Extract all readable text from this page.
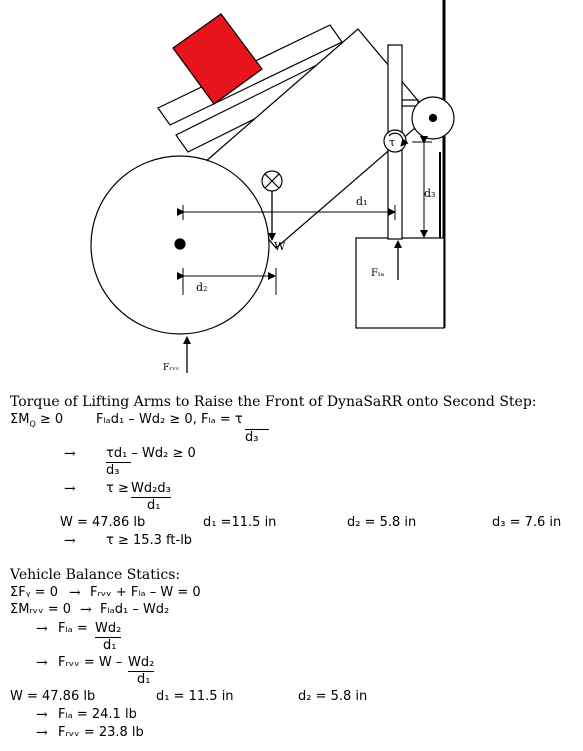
d₁
d₂
d₃
W
Fₗₐ
Fᵣᵥᵥ
τ
Torque of Lifting Arms to Raise the Front of DynaSaRR onto Second Step:
$\Sigma M_Q \ge 0$	Fₗₐd₁ – Wd₂ ≥ 0, Fₗₐ = τ
d₃
→ τd₁ – Wd₂ ≥ 0
d₃
→ τ ≥ Wd₂d₃
d₁
W = 47.86 lb	d₁ =11.5 in	d₂ = 5.8 in	d₃ = 7.6 in
→ τ ≥ 15.3 ft-lb
Vehicle Balance Statics:
ΣFᵧ = 0 → Fᵣᵥᵥ + Fₗₐ – W = 0
ΣMᵣᵥᵥ = 0 → Fₗₐd₁ – Wd₂
→ Fₗₐ = Wd₂
d₁
→ Fᵣᵥᵥ = W – Wd₂
d₁
W = 47.86 lb	d₁ = 11.5 in	d₂ = 5.8 in
→ Fₗₐ = 24.1 lb
→ Fᵣᵥᵥ = 23.8 lb
